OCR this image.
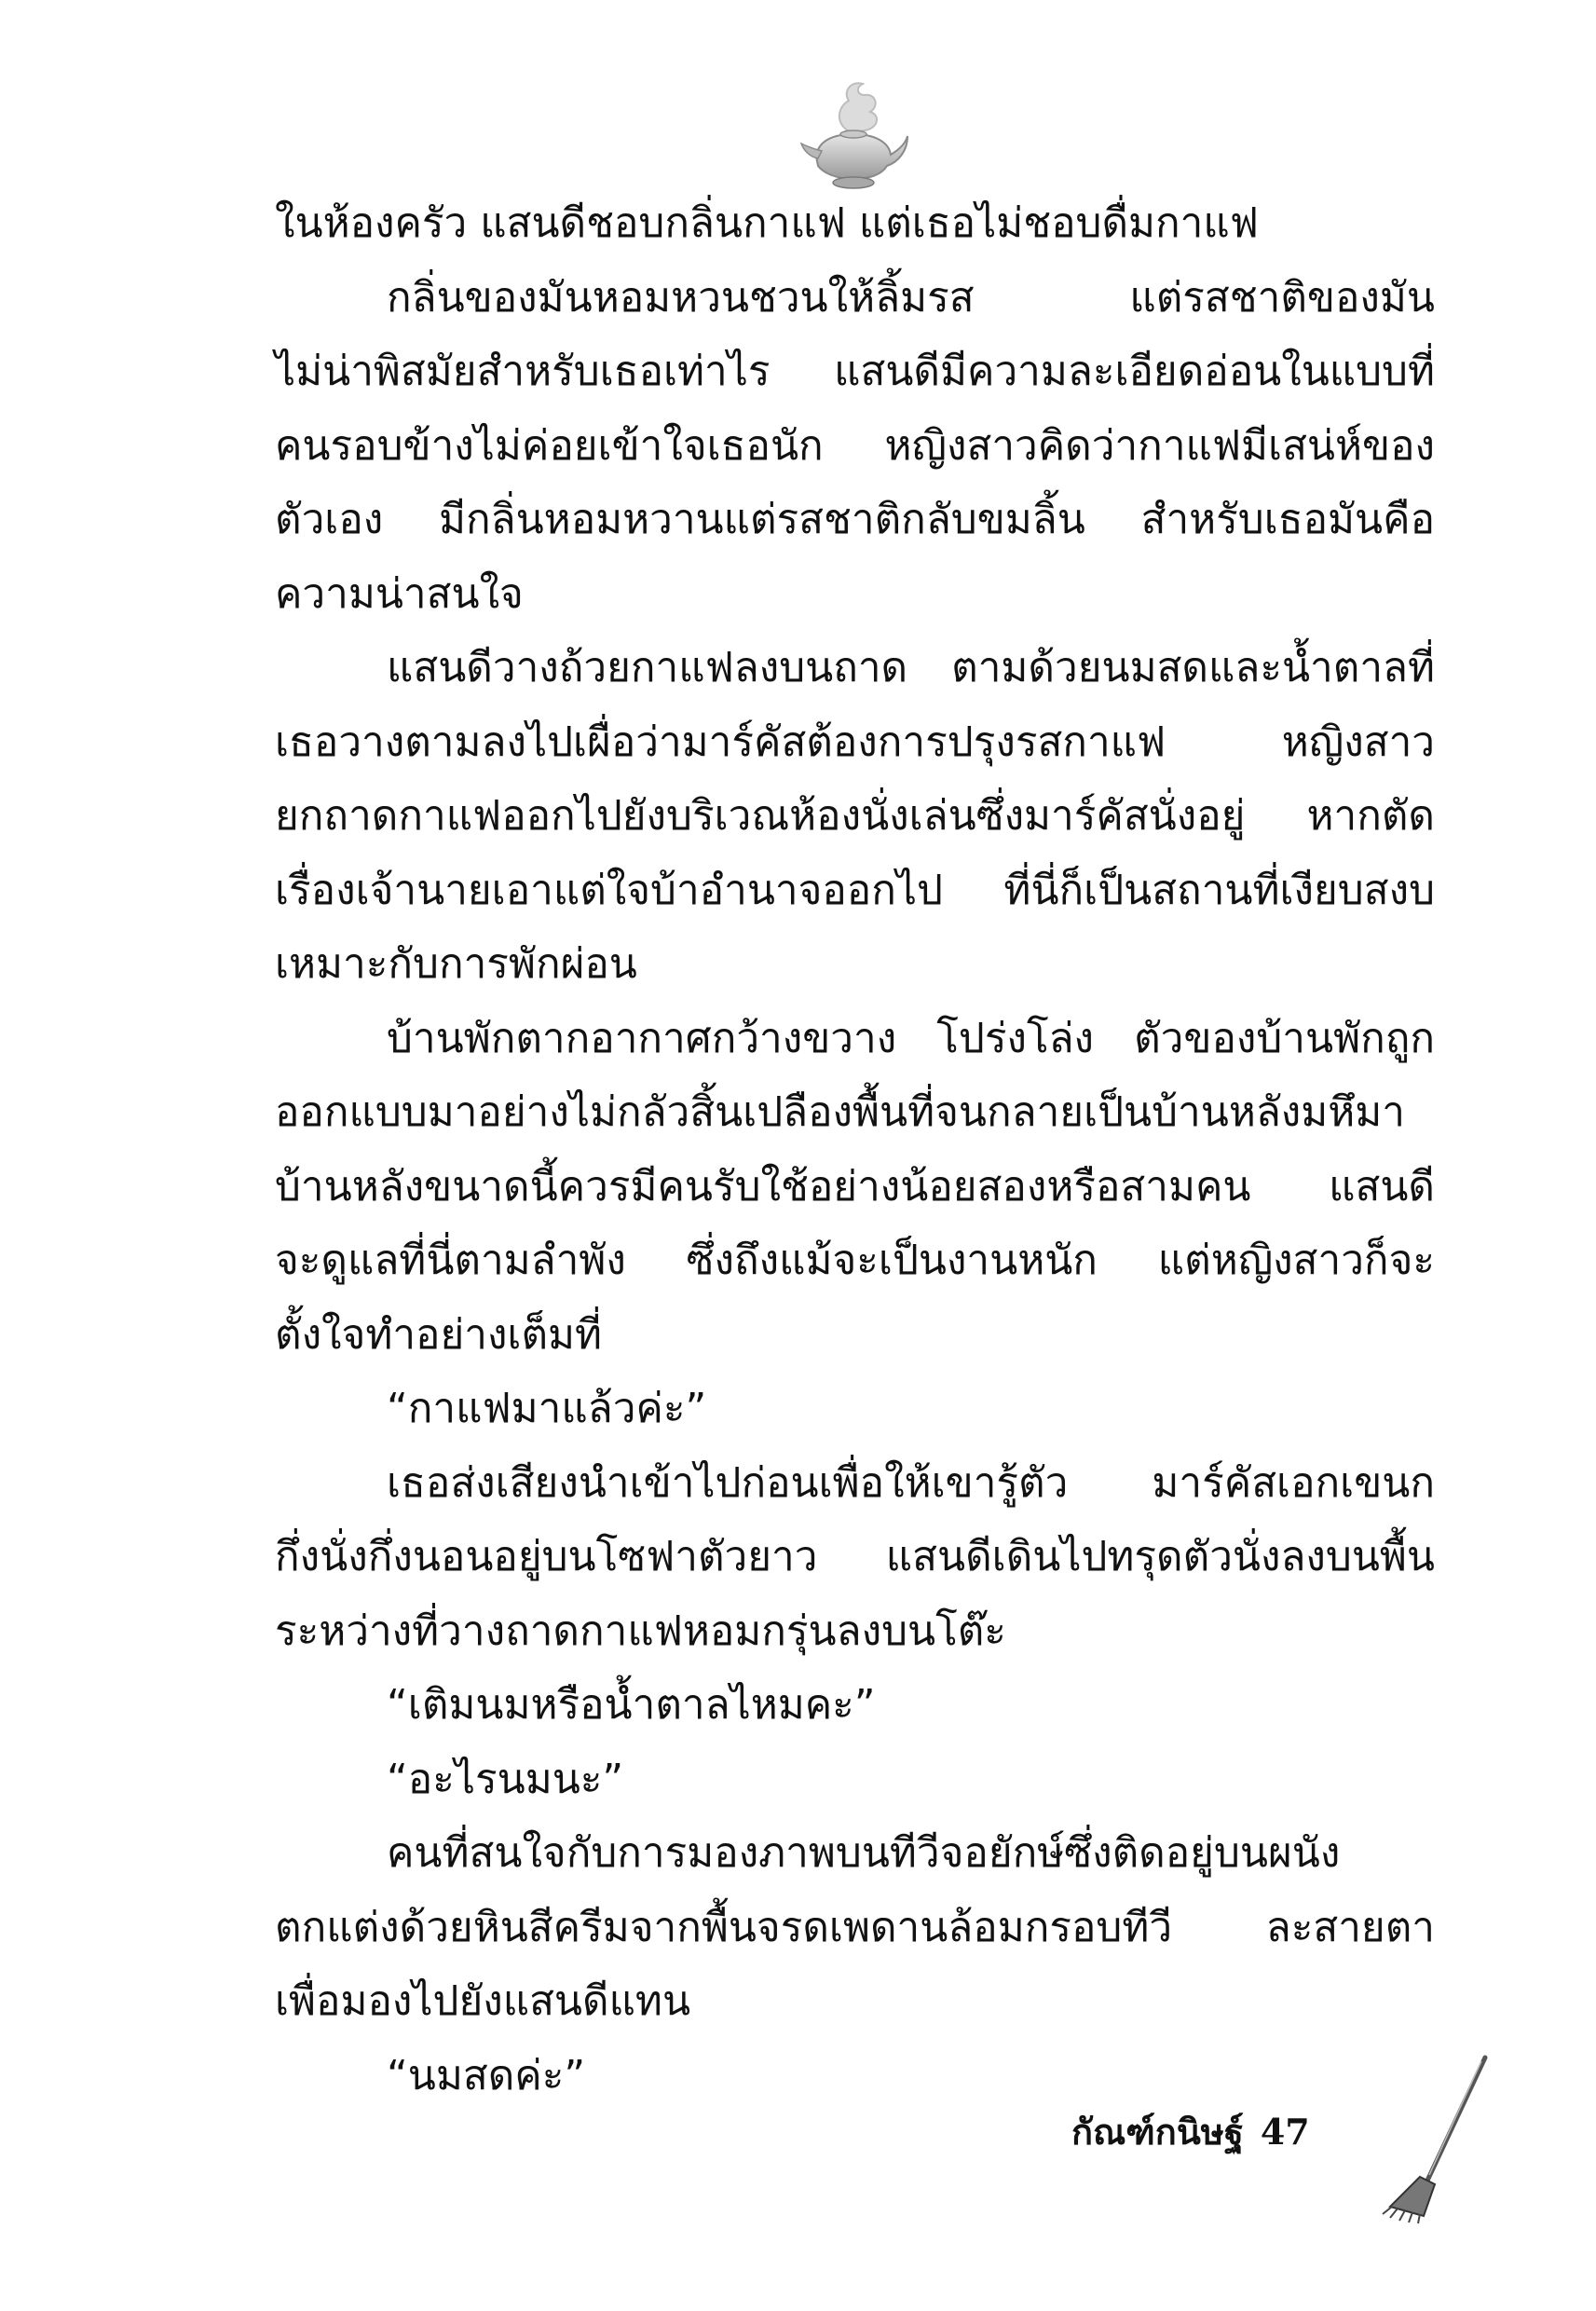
ในห้องครัว แสนดีชอบกลิ่นกาแฟ แต่เธอไม่ชอบดื่มกาแฟ
กลิ่นของมันหอมหวนชวนให้ลิ้มรส แต่รสชาติของมัน
ไม่น่าพิสมัยสำหรับเธอเท่าไร แสนดีมีความละเอียดอ่อนในแบบที่
คนรอบข้างไม่ค่อยเข้าใจเธอนัก หญิงสาวคิดว่ากาแฟมีเสน่ห์ของ
ตัวเอง มีกลิ่นหอมหวานแต่รสชาติกลับขมลิ้น สำหรับเธอมันคือ
ความน่าสนใจ
แสนดีวางถ้วยกาแฟลงบนถาด ตามด้วยนมสดและน้ำตาลที่
เธอวางตามลงไปเผื่อว่ามาร์คัสต้องการปรุงรสกาแฟ หญิงสาว
ยกถาดกาแฟออกไปยังบริเวณห้องนั่งเล่นซึ่งมาร์คัสนั่งอยู่ หากตัด
เรื่องเจ้านายเอาแต่ใจบ้าอำนาจออกไป ที่นี่ก็เป็นสถานที่เงียบสงบ
เหมาะกับการพักผ่อน
บ้านพักตากอากาศกว้างขวาง โปร่งโล่ง ตัวของบ้านพักถูก
ออกแบบมาอย่างไม่กลัวสิ้นเปลืองพื้นที่จนกลายเป็นบ้านหลังมหึมา
บ้านหลังขนาดนี้ควรมีคนรับใช้อย่างน้อยสองหรือสามคน แสนดี
จะดูแลที่นี่ตามลำพัง ซึ่งถึงแม้จะเป็นงานหนัก แต่หญิงสาวก็จะ
ตั้งใจทำอย่างเต็มที่
“กาแฟมาแล้วค่ะ”
เธอส่งเสียงนำเข้าไปก่อนเพื่อให้เขารู้ตัว มาร์คัสเอกเขนก
กึ่งนั่งกึ่งนอนอยู่บนโซฟาตัวยาว แสนดีเดินไปทรุดตัวนั่งลงบนพื้น
ระหว่างที่วางถาดกาแฟหอมกรุ่นลงบนโต๊ะ
“เติมนมหรือน้ำตาลไหมคะ”
“อะไรนมนะ”
คนที่สนใจกับการมองภาพบนทีวีจอยักษ์ซึ่งติดอยู่บนผนัง
ตกแต่งด้วยหินสีครีมจากพื้นจรดเพดานล้อมกรอบทีวี ละสายตา
เพื่อมองไปยังแสนดีแทน
“นมสดค่ะ”
กัณฑ์กนิษฐ์ 47
